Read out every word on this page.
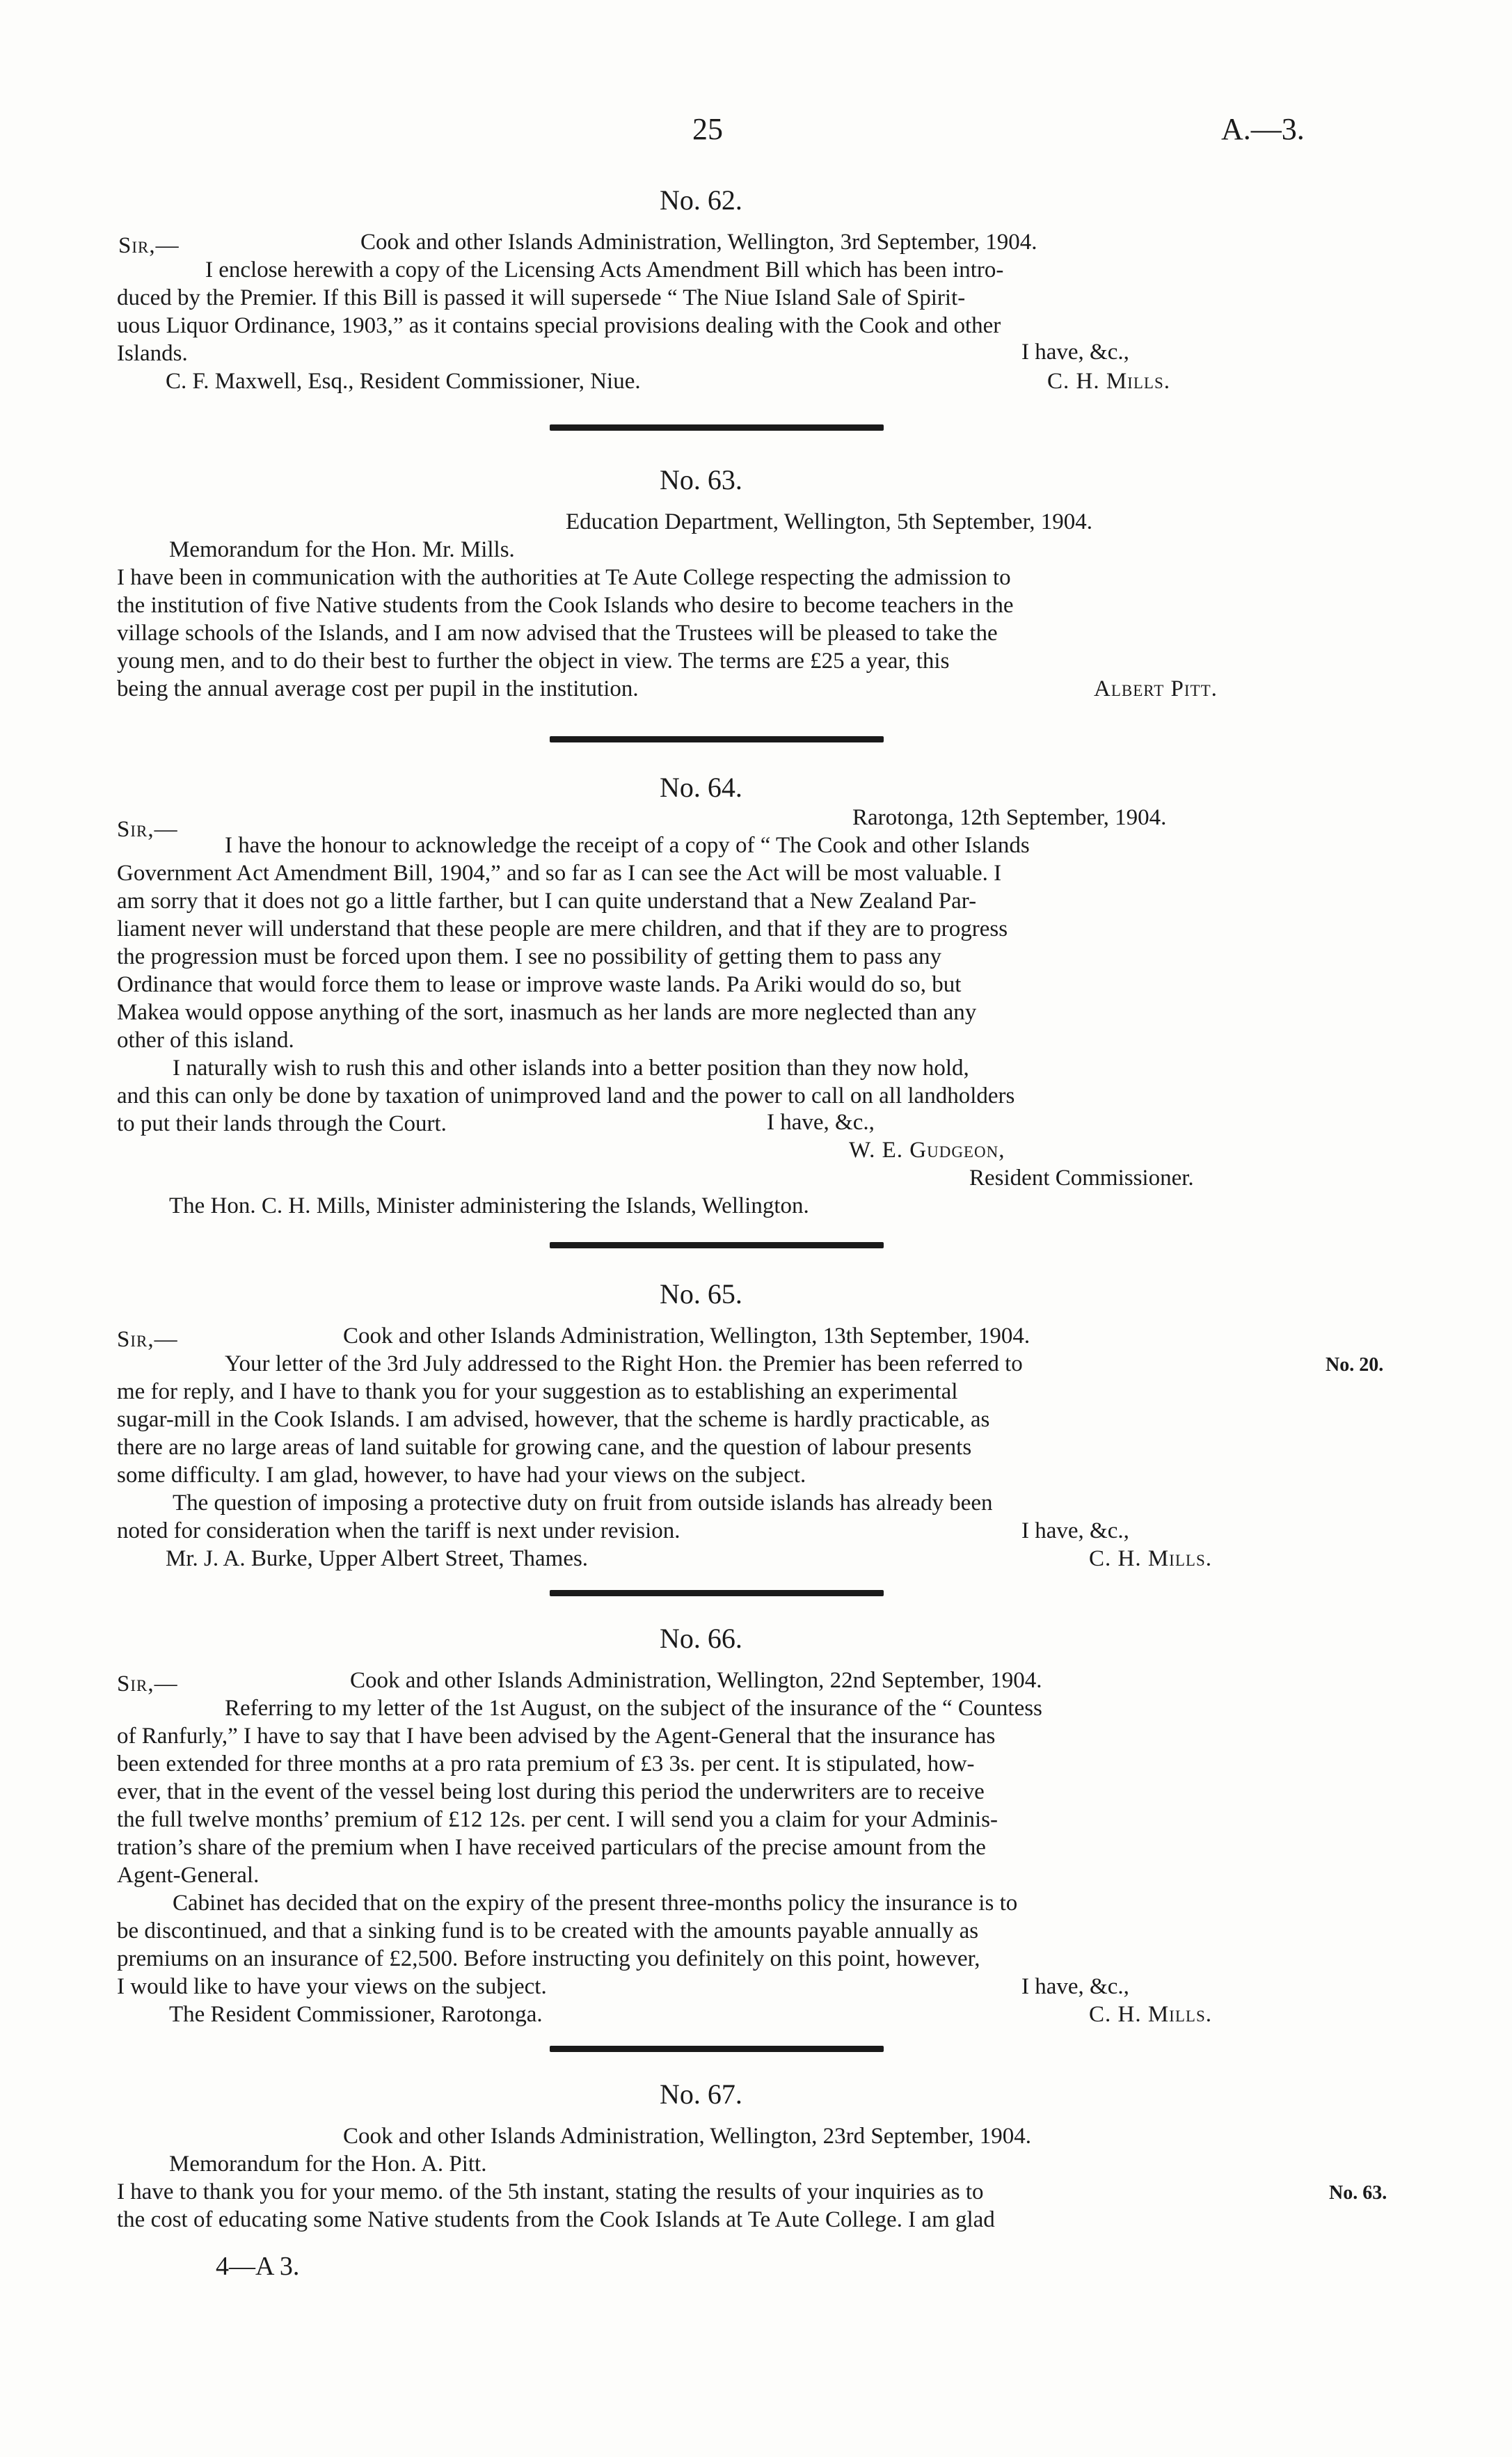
25	A.—3.
No. 62.
Sir,—	Cook and other Islands Administration, Wellington, 3rd September, 1904.
I enclose herewith a copy of the Licensing Acts Amendment Bill which has been intro-
duced by the Premier. If this Bill is passed it will supersede “ The Niue Island Sale of Spirit-
uous Liquor Ordinance, 1903,” as it contains special provisions dealing with the Cook and other
Islands.	I have, &c.,
C. F. Maxwell, Esq., Resident Commissioner, Niue.	C. H. Mills.
No. 63.
Education Department, Wellington, 5th September, 1904.
Memorandum for the Hon. Mr. Mills.
I have been in communication with the authorities at Te Aute College respecting the admission to
the institution of five Native students from the Cook Islands who desire to become teachers in the
village schools of the Islands, and I am now advised that the Trustees will be pleased to take the
young men, and to do their best to further the object in view. The terms are £25 a year, this
being the annual average cost per pupil in the institution.	Albert Pitt.
No. 64.
Sir,—	Rarotonga, 12th September, 1904.
I have the honour to acknowledge the receipt of a copy of “ The Cook and other Islands
Government Act Amendment Bill, 1904,” and so far as I can see the Act will be most valuable. I
am sorry that it does not go a little farther, but I can quite understand that a New Zealand Par-
liament never will understand that these people are mere children, and that if they are to progress
the progression must be forced upon them. I see no possibility of getting them to pass any
Ordinance that would force them to lease or improve waste lands. Pa Ariki would do so, but
Makea would oppose anything of the sort, inasmuch as her lands are more neglected than any
other of this island.
I naturally wish to rush this and other islands into a better position than they now hold,
and this can only be done by taxation of unimproved land and the power to call on all landholders
to put their lands through the Court.	I have, &c.,
W. E. Gudgeon,
Resident Commissioner.
The Hon. C. H. Mills, Minister administering the Islands, Wellington.
No. 65.
Sir,—	Cook and other Islands Administration, Wellington, 13th September, 1904.
Your letter of the 3rd July addressed to the Right Hon. the Premier has been referred to	No. 20.
me for reply, and I have to thank you for your suggestion as to establishing an experimental
sugar-mill in the Cook Islands. I am advised, however, that the scheme is hardly practicable, as
there are no large areas of land suitable for growing cane, and the question of labour presents
some difficulty. I am glad, however, to have had your views on the subject.
The question of imposing a protective duty on fruit from outside islands has already been
noted for consideration when the tariff is next under revision.	I have, &c.,
Mr. J. A. Burke, Upper Albert Street, Thames.	C. H. Mills.
No. 66.
Sir,—	Cook and other Islands Administration, Wellington, 22nd September, 1904.
Referring to my letter of the 1st August, on the subject of the insurance of the “ Countess
of Ranfurly,” I have to say that I have been advised by the Agent-General that the insurance has
been extended for three months at a pro rata premium of £3 3s. per cent. It is stipulated, how-
ever, that in the event of the vessel being lost during this period the underwriters are to receive
the full twelve months’ premium of £12 12s. per cent. I will send you a claim for your Adminis-
tration’s share of the premium when I have received particulars of the precise amount from the
Agent-General.
Cabinet has decided that on the expiry of the present three-months policy the insurance is to
be discontinued, and that a sinking fund is to be created with the amounts payable annually as
premiums on an insurance of £2,500. Before instructing you definitely on this point, however,
I would like to have your views on the subject.	I have, &c.,
The Resident Commissioner, Rarotonga.	C. H. Mills.
No. 67.
Cook and other Islands Administration, Wellington, 23rd September, 1904.
Memorandum for the Hon. A. Pitt.
I have to thank you for your memo. of the 5th instant, stating the results of your inquiries as to	No. 63.
the cost of educating some Native students from the Cook Islands at Te Aute College. I am glad
4—A 3.
